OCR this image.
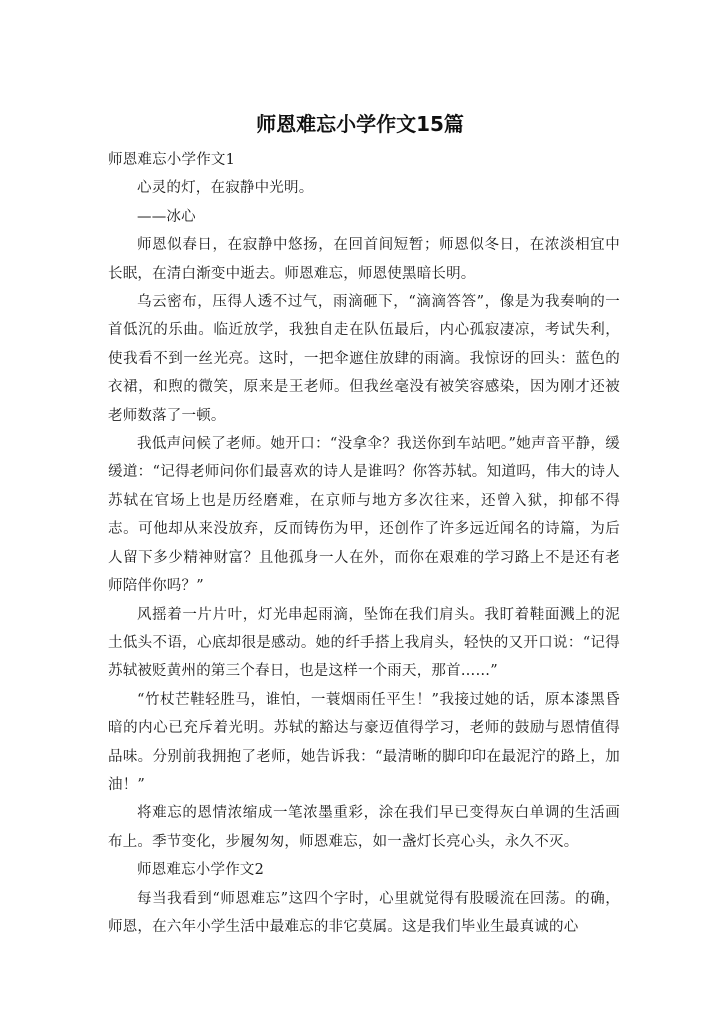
师恩难忘小学作文15篇

师恩难忘小学作文1

心灵的灯，在寂静中光明。

——冰心

师恩似春日，在寂静中悠扬，在回首间短暂；师恩似冬日，在浓淡相宜中长眠，在清白渐变中逝去。师恩难忘，师恩使黑暗长明。

乌云密布，压得人透不过气，雨滴砸下，“滴滴答答”，像是为我奏响的一首低沉的乐曲。临近放学，我独自走在队伍最后，内心孤寂凄凉，考试失利，使我看不到一丝光亮。这时，一把伞遮住放肆的雨滴。我惊讶的回头：蓝色的衣裙，和煦的微笑，原来是王老师。但我丝毫没有被笑容感染，因为刚才还被老师数落了一顿。

我低声问候了老师。她开口：“没拿伞？我送你到车站吧。”她声音平静，缓缓道：“记得老师问你们最喜欢的诗人是谁吗？你答苏轼。知道吗，伟大的诗人苏轼在官场上也是历经磨难，在京师与地方多次往来，还曾入狱，抑郁不得志。可他却从来没放弃，反而铸伤为甲，还创作了许多远近闻名的诗篇，为后人留下多少精神财富？且他孤身一人在外，而你在艰难的学习路上不是还有老师陪伴你吗？”

风摇着一片片叶，灯光串起雨滴，坠饰在我们肩头。我盯着鞋面溅上的泥土低头不语，心底却很是感动。她的纤手搭上我肩头，轻快的又开口说：“记得苏轼被贬黄州的第三个春日，也是这样一个雨天，那首……”

“竹杖芒鞋轻胜马，谁怕，一蓑烟雨任平生！”我接过她的话，原本漆黑昏暗的内心已充斥着光明。苏轼的豁达与豪迈值得学习，老师的鼓励与恩情值得品味。分别前我拥抱了老师，她告诉我：“最清晰的脚印印在最泥泞的路上，加油！”

将难忘的恩情浓缩成一笔浓墨重彩，涂在我们早已变得灰白单调的生活画布上。季节变化，步履匆匆，师恩难忘，如一盏灯长亮心头，永久不灭。

师恩难忘小学作文2

每当我看到“师恩难忘”这四个字时，心里就觉得有股暖流在回荡。的确，师恩，在六年小学生活中最难忘的非它莫属。这是我们毕业生最真诚的心
